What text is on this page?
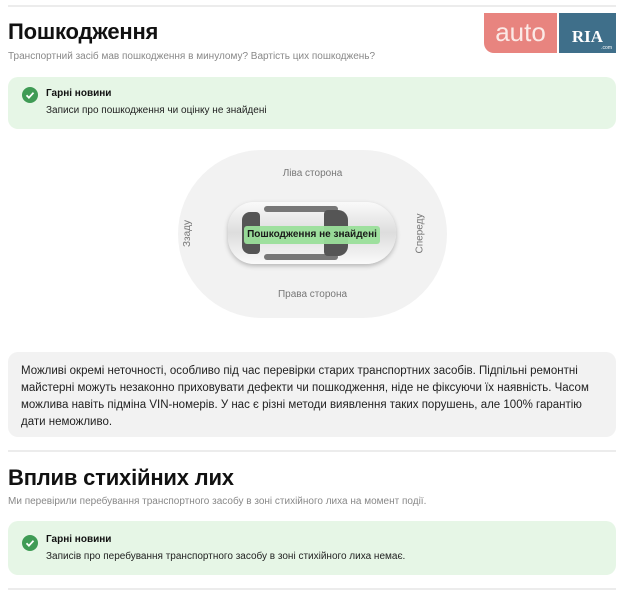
auto	RIA
.com
Пошкодження
Транспортний засіб мав пошкодження в минулому? Вартість цих пошкоджень?
Гарні новини
Записи про пошкодження чи оцінку не знайдені
Ліва сторона
Права сторона
Ззаду	Спереду
Пошкодження не знайдені
Можливі окремі неточності, особливо під час перевірки старих транспортних засобів. Підпільні ремонтні майстерні можуть незаконно приховувати дефекти чи пошкодження, ніде не фіксуючи їх наявність. Часом можлива навіть підміна VIN-номерів. У нас є різні методи виявлення таких порушень, але 100% гарантію дати неможливо.
Вплив стихійних лих
Ми перевірили перебування транспортного засобу в зоні стихійного лиха на момент події.
Гарні новини
Записів про перебування транспортного засобу в зоні стихійного лиха немає.
